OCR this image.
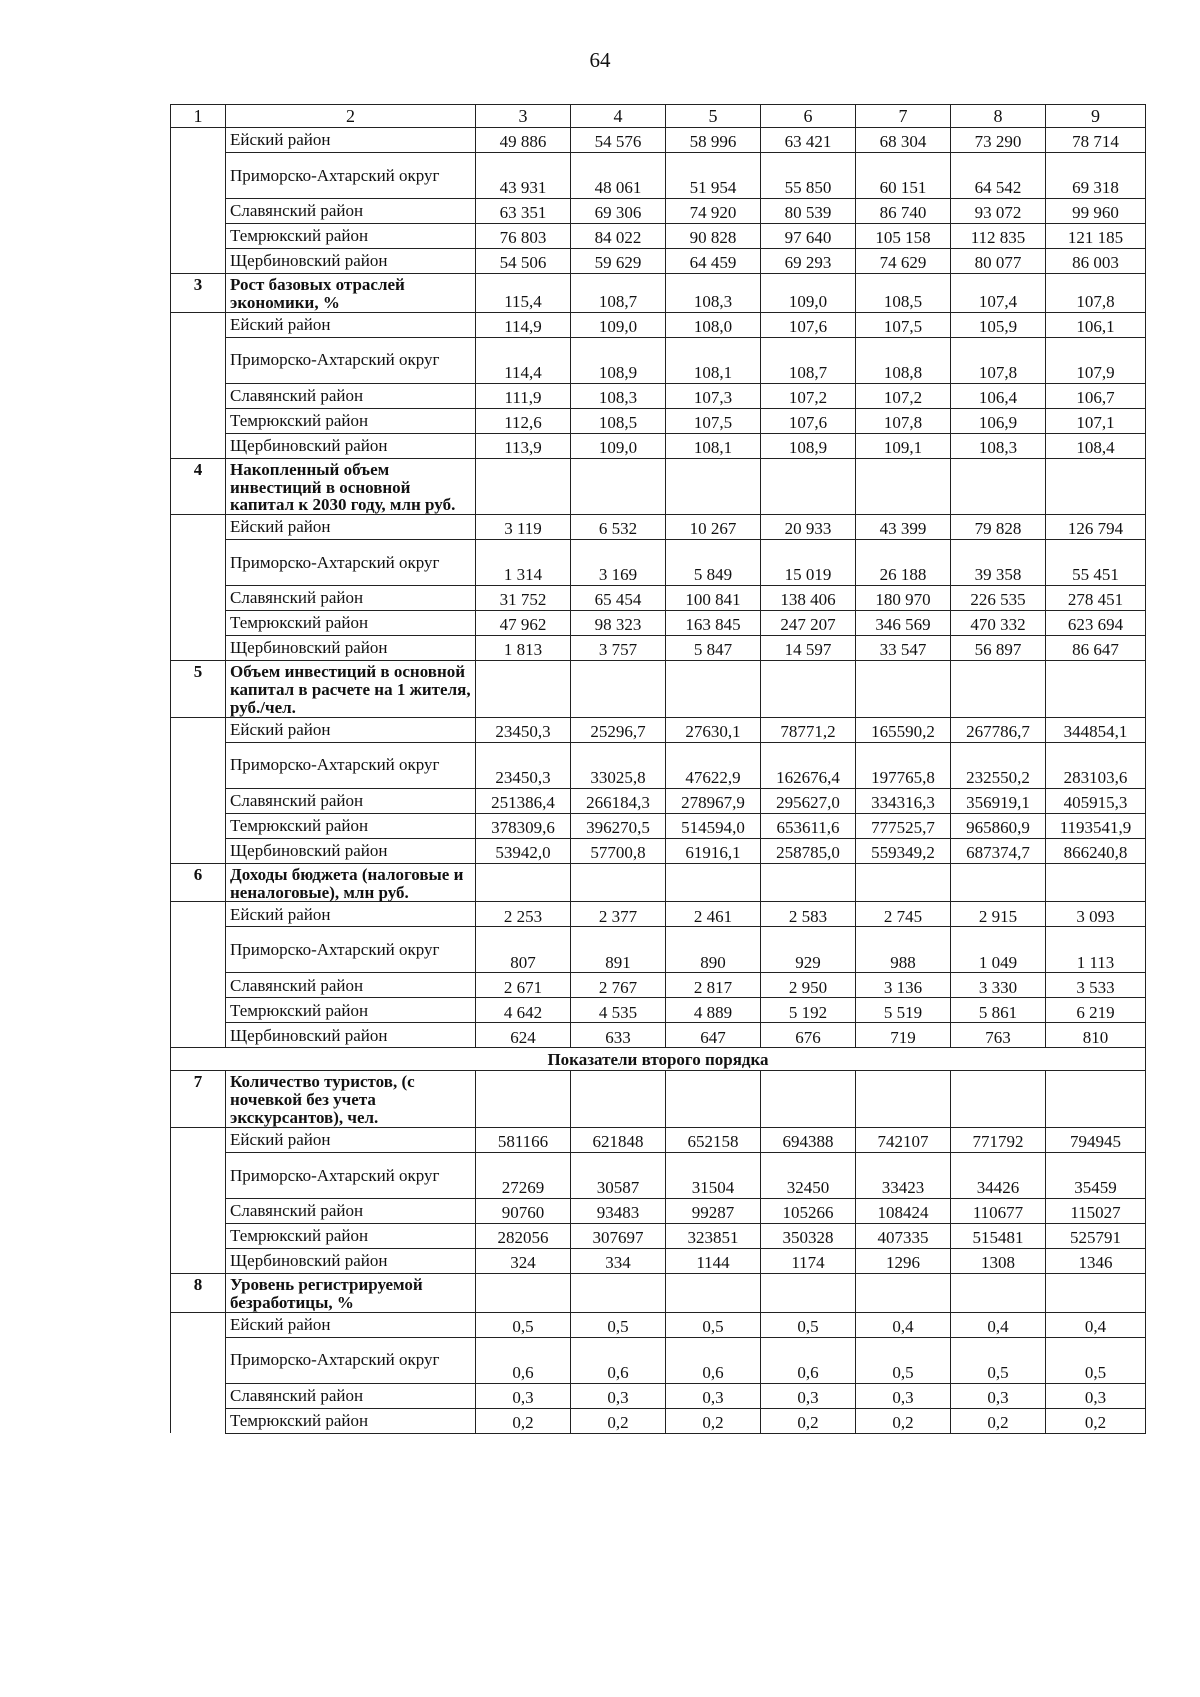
64
1	2	3	4	5	6	7	8	9
	Ейский район	49 886	54 576	58 996	63 421	68 304	73 290	78 714
	Приморско-Ахтарский округ	43 931	48 061	51 954	55 850	60 151	64 542	69 318
	Славянский район	63 351	69 306	74 920	80 539	86 740	93 072	99 960
	Темрюкский район	76 803	84 022	90 828	97 640	105 158	112 835	121 185
	Щербиновский район	54 506	59 629	64 459	69 293	74 629	80 077	86 003
3	Рост базовых отраслей экономики, %	115,4	108,7	108,3	109,0	108,5	107,4	107,8
	Ейский район	114,9	109,0	108,0	107,6	107,5	105,9	106,1
	Приморско-Ахтарский округ	114,4	108,9	108,1	108,7	108,8	107,8	107,9
	Славянский район	111,9	108,3	107,3	107,2	107,2	106,4	106,7
	Темрюкский район	112,6	108,5	107,5	107,6	107,8	106,9	107,1
	Щербиновский район	113,9	109,0	108,1	108,9	109,1	108,3	108,4
4	Накопленный объем инвестиций в основной капитал к 2030 году, млн руб.							
	Ейский район	3 119	6 532	10 267	20 933	43 399	79 828	126 794
	Приморско-Ахтарский округ	1 314	3 169	5 849	15 019	26 188	39 358	55 451
	Славянский район	31 752	65 454	100 841	138 406	180 970	226 535	278 451
	Темрюкский район	47 962	98 323	163 845	247 207	346 569	470 332	623 694
	Щербиновский район	1 813	3 757	5 847	14 597	33 547	56 897	86 647
5	Объем инвестиций в основной капитал в расчете на 1 жителя, руб./чел.							
	Ейский район	23450,3	25296,7	27630,1	78771,2	165590,2	267786,7	344854,1
	Приморско-Ахтарский округ	23450,3	33025,8	47622,9	162676,4	197765,8	232550,2	283103,6
	Славянский район	251386,4	266184,3	278967,9	295627,0	334316,3	356919,1	405915,3
	Темрюкский район	378309,6	396270,5	514594,0	653611,6	777525,7	965860,9	1193541,9
	Щербиновский район	53942,0	57700,8	61916,1	258785,0	559349,2	687374,7	866240,8
6	Доходы бюджета (налоговые и неналоговые), млн руб.							
	Ейский район	2 253	2 377	2 461	2 583	2 745	2 915	3 093
	Приморско-Ахтарский округ	807	891	890	929	988	1 049	1 113
	Славянский район	2 671	2 767	2 817	2 950	3 136	3 330	3 533
	Темрюкский район	4 642	4 535	4 889	5 192	5 519	5 861	6 219
	Щербиновский район	624	633	647	676	719	763	810
Показатели второго порядка								
7	Количество туристов, (с ночевкой без учета экскурсантов), чел.							
	Ейский район	581166	621848	652158	694388	742107	771792	794945
	Приморско-Ахтарский округ	27269	30587	31504	32450	33423	34426	35459
	Славянский район	90760	93483	99287	105266	108424	110677	115027
	Темрюкский район	282056	307697	323851	350328	407335	515481	525791
	Щербиновский район	324	334	1144	1174	1296	1308	1346
8	Уровень регистрируемой безработицы, %							
	Ейский район	0,5	0,5	0,5	0,5	0,4	0,4	0,4
	Приморско-Ахтарский округ	0,6	0,6	0,6	0,6	0,5	0,5	0,5
	Славянский район	0,3	0,3	0,3	0,3	0,3	0,3	0,3
	Темрюкский район	0,2	0,2	0,2	0,2	0,2	0,2	0,2
